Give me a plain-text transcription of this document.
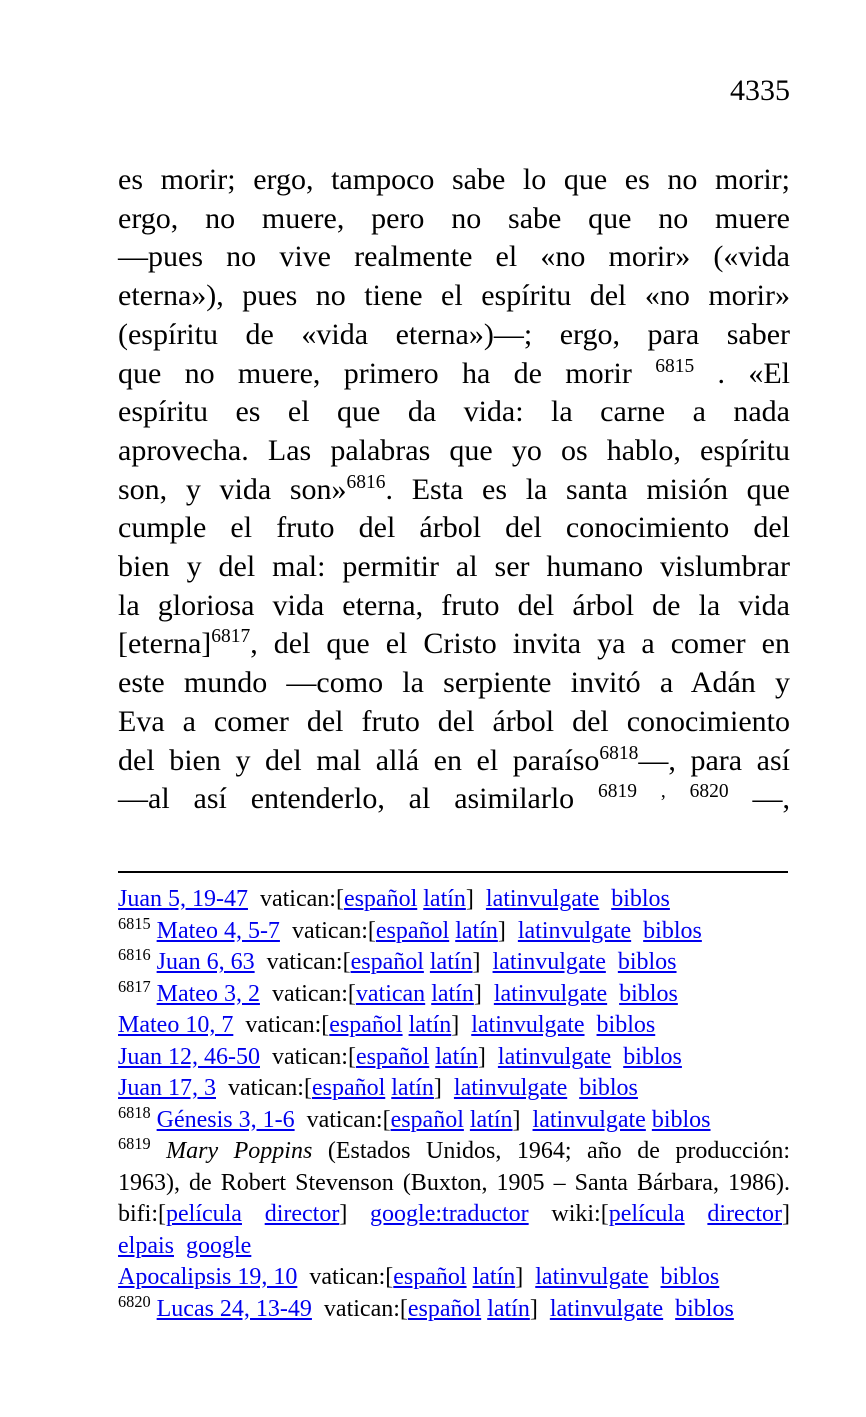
4335
es morir; ergo, tampoco sabe lo que es no morir;
ergo, no muere, pero no sabe que no muere
—pues no vive realmente el «no morir» («vida
eterna»), pues no tiene el espíritu del «no morir»
(espíritu de «vida eterna»)—; ergo, para saber
que no muere, primero ha de morir $^{6815}$ . «El
espíritu es el que da vida: la carne a nada
aprovecha. Las palabras que yo os hablo, espíritu
son, y vida son»$^{6816}$. Esta es la santa misión que
cumple el fruto del árbol del conocimiento del
bien y del mal: permitir al ser humano vislumbrar
la gloriosa vida eterna, fruto del árbol de la vida
[eterna]$^{6817}$, del que el Cristo invita ya a comer en
este mundo —como la serpiente invitó a Adán y
Eva a comer del fruto del árbol del conocimiento
del bien y del mal allá en el paraíso$^{6818}$—, para así
—al así entenderlo, al asimilarlo $^{6819}$ , $^{6820}$ —,
Juan 5, 19-47  vatican:[español latín]  latinvulgate biblos
$^{6815}$ Mateo 4, 5-7  vatican:[español latín]  latinvulgate biblos
$^{6816}$ Juan 6, 63  vatican:[español latín]  latinvulgate biblos
$^{6817}$ Mateo 3, 2  vatican:[vatican latín]  latinvulgate biblos
Mateo 10, 7  vatican:[español latín]  latinvulgate biblos
Juan 12, 46-50  vatican:[español latín]  latinvulgate biblos
Juan 17, 3  vatican:[español latín]  latinvulgate biblos
$^{6818}$ Génesis 3, 1-6  vatican:[español latín]  latinvulgate biblos
$^{6819}$ Mary Poppins (Estados Unidos, 1964; año de producción:
1963), de Robert Stevenson (Buxton, 1905 – Santa Bárbara, 1986).
bifi:[película director] google:traductor wiki:[película director]
elpais google
Apocalipsis 19, 10  vatican:[español latín]  latinvulgate biblos
$^{6820}$ Lucas 24, 13-49  vatican:[español latín]  latinvulgate biblos
